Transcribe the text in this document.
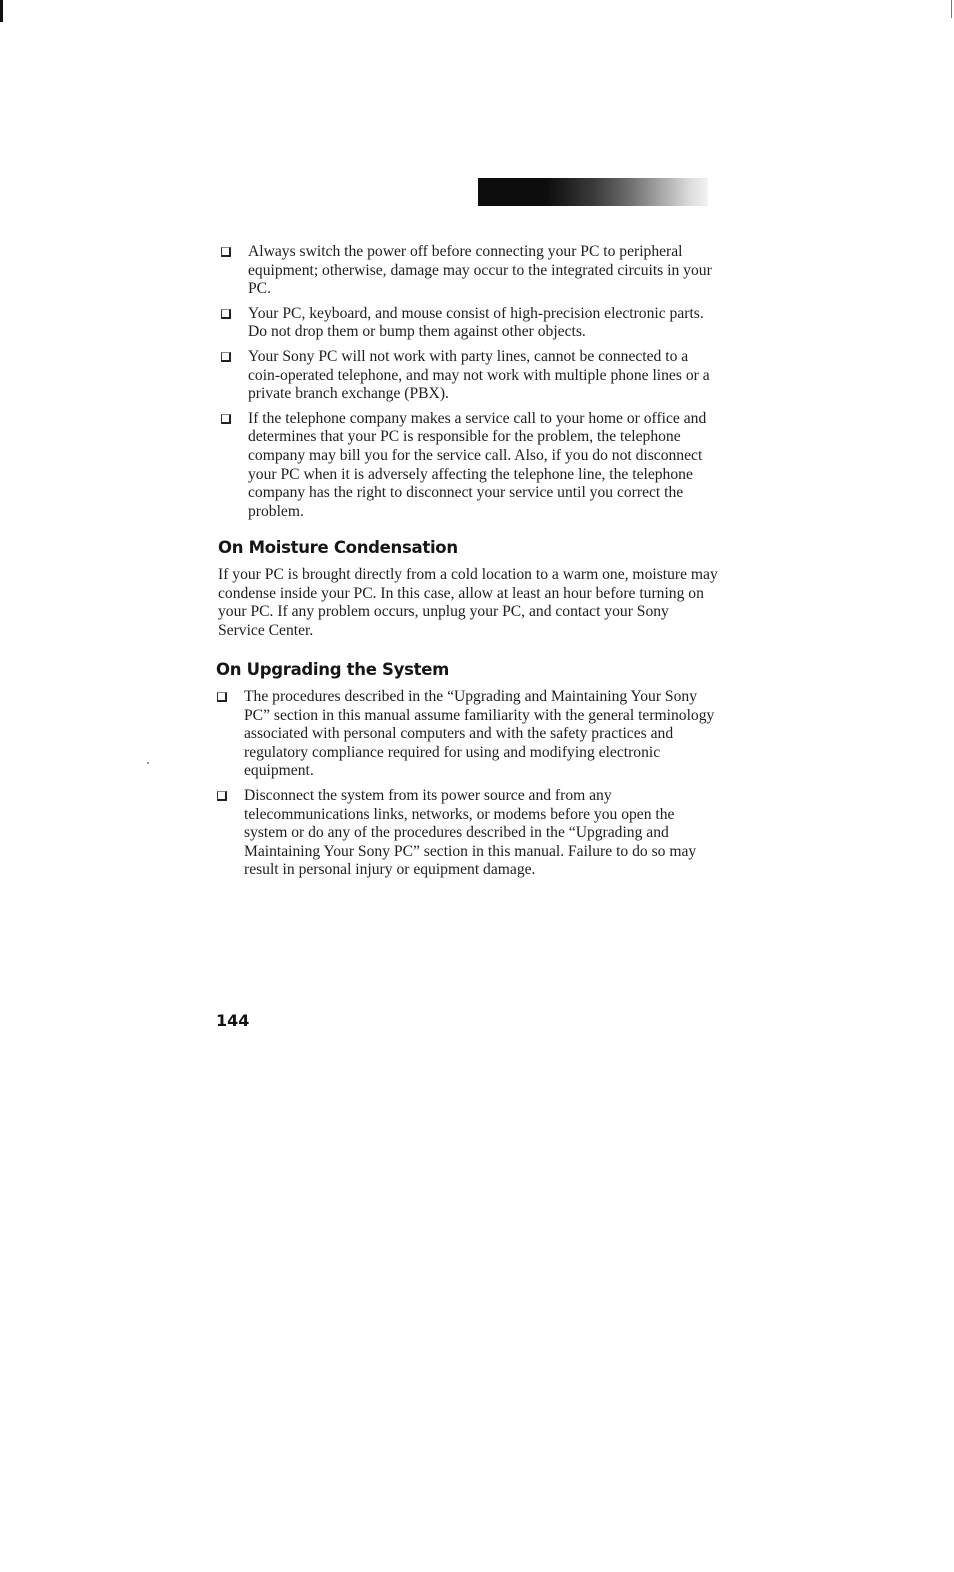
Always switch the power off before connecting your PC to peripheral equipment; otherwise, damage may occur to the integrated circuits in your PC.
Your PC, keyboard, and mouse consist of high-precision electronic parts. Do not drop them or bump them against other objects.
Your Sony PC will not work with party lines, cannot be connected to a coin-operated telephone, and may not work with multiple phone lines or a private branch exchange (PBX).
If the telephone company makes a service call to your home or office and determines that your PC is responsible for the problem, the telephone company may bill you for the service call. Also, if you do not disconnect your PC when it is adversely affecting the telephone line, the telephone company has the right to disconnect your service until you correct the problem.
On Moisture Condensation

If your PC is brought directly from a cold location to a warm one, moisture may condense inside your PC. In this case, allow at least an hour before turning on your PC. If any problem occurs, unplug your PC, and contact your Sony Service Center.

On Upgrading the System
The procedures described in the “Upgrading and Maintaining Your Sony PC” section in this manual assume familiarity with the general terminology associated with personal computers and with the safety practices and regulatory compliance required for using and modifying electronic equipment.
Disconnect the system from its power source and from any telecommunications links, networks, or modems before you open the system or do any of the procedures described in the “Upgrading and Maintaining Your Sony PC” section in this manual. Failure to do so may result in personal injury or equipment damage.
144
